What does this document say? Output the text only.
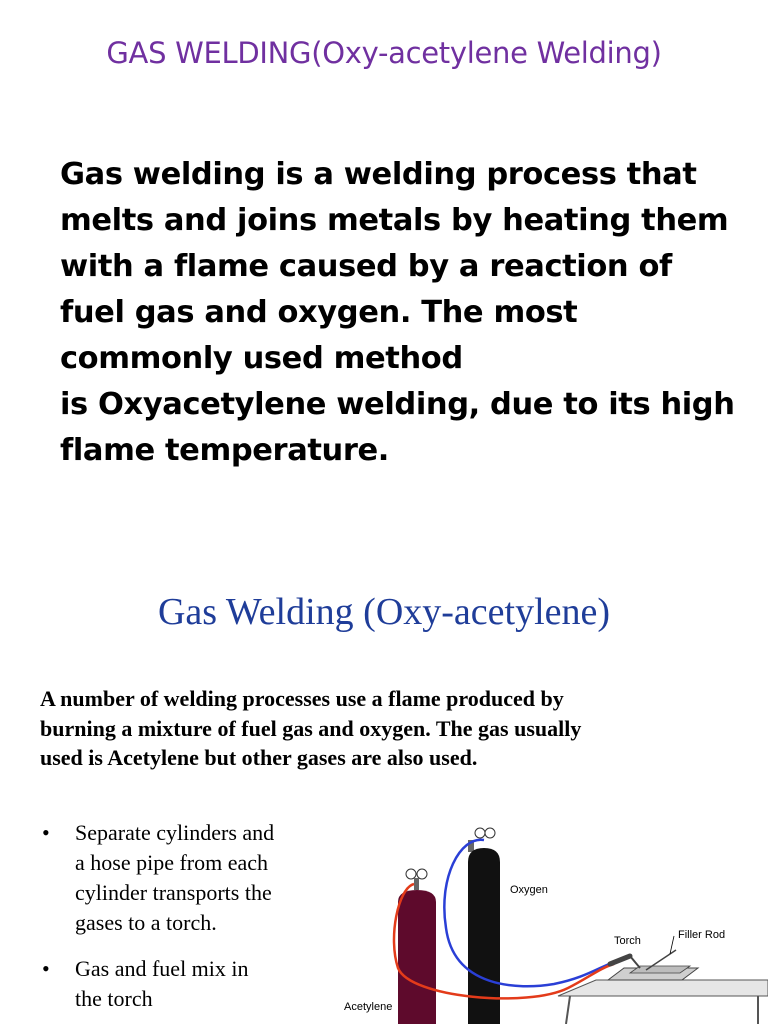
GAS WELDING(Oxy-acetylene Welding)
Gas welding is a welding process that
melts and joins metals by heating them
with a flame caused by a reaction of
fuel gas and oxygen. The most
commonly used method
is Oxyacetylene welding, due to its high
flame temperature.
Gas Welding (Oxy-acetylene)
A number of welding processes use a flame produced by
burning a mixture of fuel gas and oxygen. The gas usually
used is Acetylene but other gases are also used.
• Separate cylinders and
a hose pipe from each
cylinder transports the
gases to a torch.
• Gas and fuel mix in
the torch
Oxygen
Torch	Filler Rod
Acetylene
